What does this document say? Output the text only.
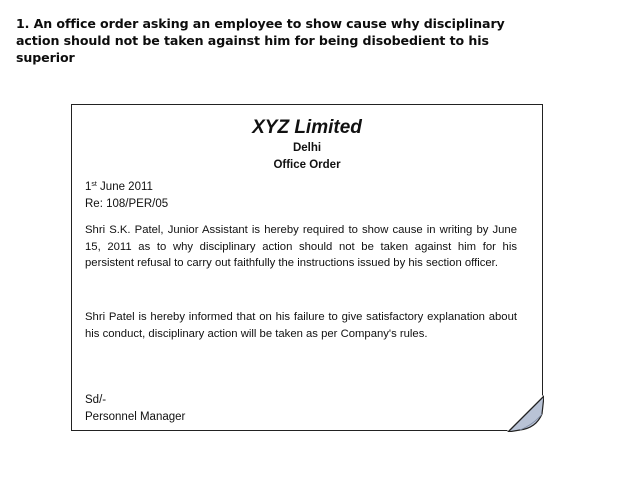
1. An office order asking an employee to show cause why disciplinary
action should not be taken against him for being disobedient to his
superior

XYZ Limited

Delhi

Office Order

1st June 2011

Re: 108/PER/05

Shri S.K. Patel, Junior Assistant is hereby required to show cause in writing by June 15, 2011 as to why disciplinary action should not be taken against him for his persistent refusal to carry out faithfully the instructions issued by his section officer.

Shri Patel is hereby informed that on his failure to give satisfactory explanation about his conduct, disciplinary action will be taken as per Company's rules.

Sd/-

Personnel Manager
